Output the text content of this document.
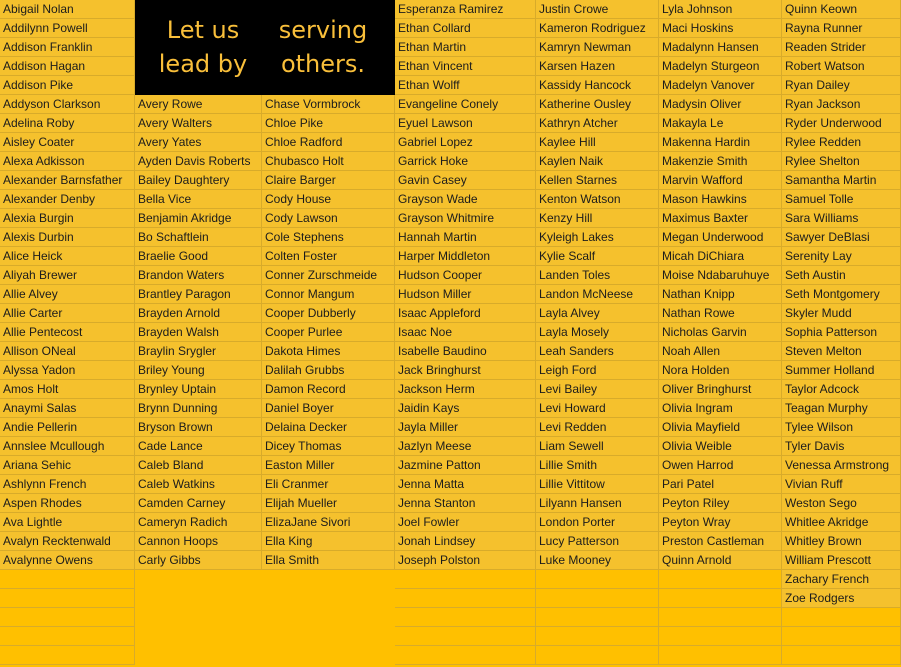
Let us lead by
serving others.
Abigail Nolan
Addilynn Powell
Addison Franklin
Addison Hagan
Addison Pike
Addyson Clarkson
Adelina Roby
Aisley Coater
Alexa Adkisson
Alexander Barnsfather
Alexander Denby
Alexia Burgin
Alexis Durbin
Alice Heick
Aliyah Brewer
Allie Alvey
Allie Carter
Allie Pentecost
Allison ONeal
Alyssa Yadon
Amos Holt
Anaymi Salas
Andie Pellerin
Annslee Mcullough
Ariana Sehic
Ashlynn French
Aspen Rhodes
Ava Lightle
Avalyn Recktenwald
Avalynne Owens
Avery Rowe
Avery Walters
Avery Yates
Ayden Davis Roberts
Bailey Daughtery
Bella Vice
Benjamin Akridge
Bo Schaftlein
Braelie Good
Brandon Waters
Brantley Paragon
Brayden Arnold
Brayden Walsh
Braylin Srygler
Briley Young
Brynley Uptain
Brynn Dunning
Bryson Brown
Cade Lance
Caleb Bland
Caleb Watkins
Camden Carney
Cameryn Radich
Cannon Hoops
Carly Gibbs
Chase Vormbrock
Chloe Pike
Chloe Radford
Chubasco Holt
Claire Barger
Cody House
Cody Lawson
Cole Stephens
Colten Foster
Conner Zurschmeide
Connor Mangum
Cooper Dubberly
Cooper Purlee
Dakota Himes
Dalilah Grubbs
Damon Record
Daniel Boyer
Delaina Decker
Dicey Thomas
Easton Miller
Eli Cranmer
Elijah Mueller
ElizaJane Sivori
Ella King
Ella Smith
Esperanza Ramirez
Ethan Collard
Ethan Martin
Ethan Vincent
Ethan Wolff
Evangeline Conely
Eyuel Lawson
Gabriel Lopez
Garrick Hoke
Gavin Casey
Grayson Wade
Grayson Whitmire
Hannah Martin
Harper Middleton
Hudson Cooper
Hudson Miller
Isaac Appleford
Isaac Noe
Isabelle Baudino
Jack Bringhurst
Jackson Herm
Jaidin Kays
Jayla Miller
Jazlyn Meese
Jazmine Patton
Jenna Matta
Jenna Stanton
Joel Fowler
Jonah Lindsey
Joseph Polston
Justin Crowe
Kameron Rodriguez
Kamryn Newman
Karsen Hazen
Kassidy Hancock
Katherine Ousley
Kathryn Atcher
Kaylee Hill
Kaylen Naik
Kellen Starnes
Kenton Watson
Kenzy Hill
Kyleigh Lakes
Kylie Scalf
Landen Toles
Landon McNeese
Layla Alvey
Layla Mosely
Leah Sanders
Leigh Ford
Levi Bailey
Levi Howard
Levi Redden
Liam Sewell
Lillie Smith
Lillie Vittitow
Lilyann Hansen
London Porter
Lucy Patterson
Luke Mooney
Lyla Johnson
Maci Hoskins
Madalynn Hansen
Madelyn Sturgeon
Madelyn Vanover
Madysin Oliver
Makayla Le
Makenna Hardin
Makenzie Smith
Marvin Wafford
Mason Hawkins
Maximus Baxter
Megan Underwood
Micah DiChiara
Moise Ndabaruhuye
Nathan Knipp
Nathan Rowe
Nicholas Garvin
Noah Allen
Nora Holden
Oliver Bringhurst
Olivia Ingram
Olivia Mayfield
Olivia Weible
Owen Harrod
Pari Patel
Peyton Riley
Peyton Wray
Preston Castleman
Quinn Arnold
Quinn Keown
Rayna Runner
Readen Strider
Robert Watson
Ryan Dailey
Ryan Jackson
Ryder Underwood
Rylee Redden
Rylee Shelton
Samantha Martin
Samuel Tolle
Sara Williams
Sawyer DeBlasi
Serenity Lay
Seth Austin
Seth Montgomery
Skyler Mudd
Sophia Patterson
Steven Melton
Summer Holland
Taylor Adcock
Teagan Murphy
Tylee Wilson
Tyler Davis
Venessa Armstrong
Vivian Ruff
Weston Sego
Whitlee Akridge
Whitley Brown
William Prescott
Zachary French
Zoe Rodgers
